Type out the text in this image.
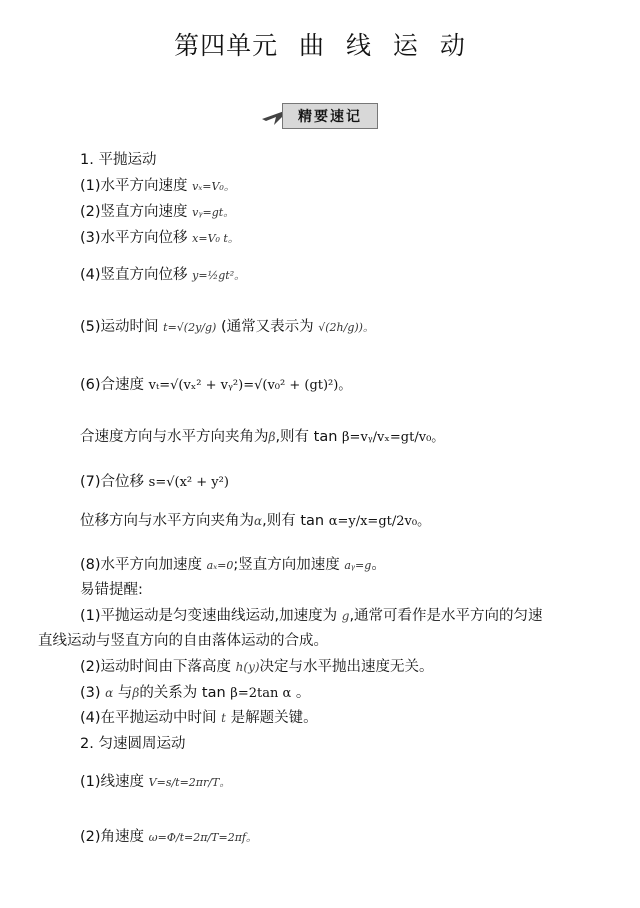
第四单元 曲 线 运 动
精要速记
1. 平抛运动
(1)水平方向速度 vₓ=V₀。
(2)竖直方向速度 vᵧ=gt。
(3)水平方向位移 x=V₀ t。
(4)竖直方向位移 y=½gt²。
(5)运动时间 t=√(2y/g) (通常又表示为 √(2h/g))。
(6)合速度 vₜ=√(vₓ² + vᵧ²)=√(v₀² + (gt)²)。
合速度方向与水平方向夹角为β,则有 tan β=vᵧ/vₓ=gt/v₀。
(7)合位移 s=√(x² + y²)
位移方向与水平方向夹角为α,则有 tan α=y/x=gt/2v₀。
(8)水平方向加速度 aₓ=0;竖直方向加速度 aᵧ=g。
易错提醒:
(1)平抛运动是匀变速曲线运动,加速度为 g,通常可看作是水平方向的匀速
直线运动与竖直方向的自由落体运动的合成。
(2)运动时间由下落高度 h(y)决定与水平抛出速度无关。
(3) α 与β的关系为 tan β=2tan α 。
(4)在平抛运动中时间 t 是解题关键。
2. 匀速圆周运动
(1)线速度 V=s/t=2πr/T。
(2)角速度 ω=Φ/t=2π/T=2πf。
